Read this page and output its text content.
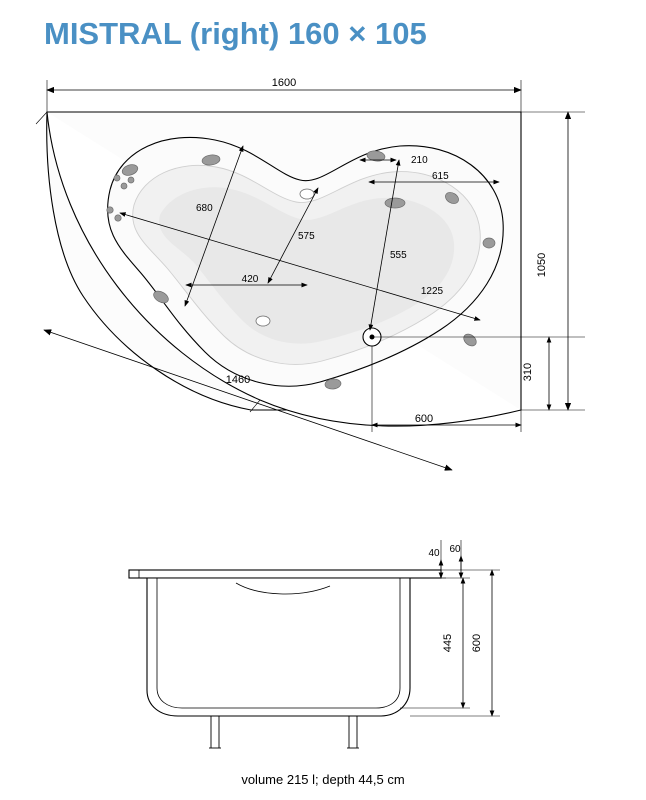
MISTRAL (right) 160 × 105
1600
1050
210
615
680
575
555
420
1225
1460
600
310
40 60
445 600
volume 215 l; depth 44,5 cm
